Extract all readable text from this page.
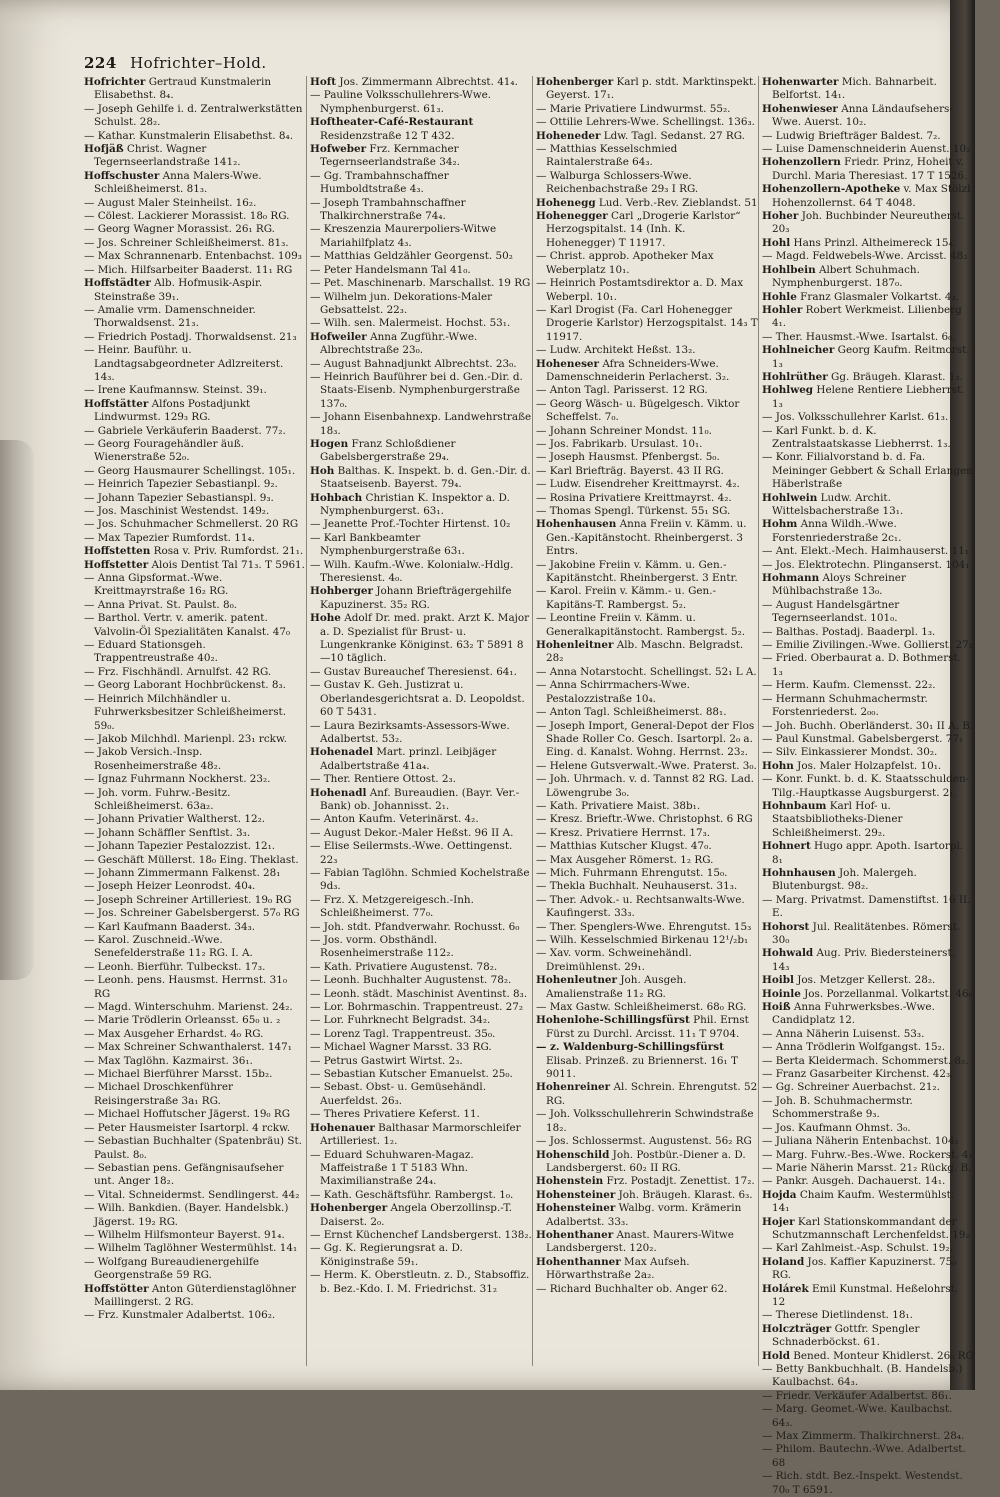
224 Hofrichter–Hold.

Hofrichter Gertraud Kunstmalerin Elisabethst. 8₄.

— Joseph Gehilfe i. d. Zentralwerkstätten Schulst. 28₂.

— Kathar. Kunstmalerin Elisabethst. 8₄.

Hofjäß Christ. Wagner Tegernseerlandstraße 141₂.

Hoffschuster Anna Malers-Wwe. Schleißheimerst. 81₃.

— August Maler Steinheilst. 16₂.

— Cölest. Lackierer Morassist. 18₀ RG.

— Georg Wagner Morassist. 26₁ RG.

— Jos. Schreiner Schleißheimerst. 81₃.

— Max Schrannenarb. Entenbachst. 109₃

— Mich. Hilfsarbeiter Baaderst. 11₁ RG

Hoffstädter Alb. Hofmusik-Aspir. Steinstraße 39₁.

— Amalie vrm. Damenschneider. Thorwaldsenst. 21₃.

— Friedrich Postadj. Thorwaldsenst. 21₃

— Heinr. Bauführ. u. Landtagsabgeordneter Adlzreiterst. 14₃.

— Irene Kaufmannsw. Steinst. 39₁.

Hoffstätter Alfons Postadjunkt Lindwurmst. 129₃ RG.

— Gabriele Verkäuferin Baaderst. 77₂.

— Georg Fouragehändler äuß. Wienerstraße 52₀.

— Georg Hausmaurer Schellingst. 105₁.

— Heinrich Tapezier Sebastianpl. 9₂.

— Johann Tapezier Sebastianspl. 9₃.

— Jos. Maschinist Westendst. 149₂.

— Jos. Schuhmacher Schmellerst. 20 RG

— Max Tapezier Rumfordst. 11₄.

Hoffstetten Rosa v. Priv. Rumfordst. 21₁.

Hoffstetter Alois Dentist Tal 71₃. T 5961.

— Anna Gipsformat.-Wwe. Kreittmayrstraße 16₂ RG.

— Anna Privat. St. Paulst. 8₀.

— Barthol. Vertr. v. amerik. patent. Valvolin-Öl Spezialitäten Kanalst. 47₀

— Eduard Stationsgeh. Trappentreustraße 40₂.

— Frz. Fischhändl. Arnulfst. 42 RG.

— Georg Laborant Hochbrückenst. 8₃.

— Heinrich Milchhändler u. Fuhrwerksbesitzer Schleißheimerst. 59₀.

— Jakob Milchhdl. Marienpl. 23₁ rckw.

— Jakob Versich.-Insp. Rosenheimerstraße 48₂.

— Ignaz Fuhrmann Nockherst. 23₂.

— Joh. vorm. Fuhrw.-Besitz. Schleißheimerst. 63a₂.

— Johann Privatier Waltherst. 12₂.

— Johann Schäffler Senftlst. 3₃.

— Johann Tapezier Pestalozzist. 12₁.

— Geschäft Müllerst. 18₀ Eing. Theklast.

— Johann Zimmermann Falkenst. 28₁

— Joseph Heizer Leonrodst. 40₄.

— Joseph Schreiner Artilleriest. 19₀ RG

— Jos. Schreiner Gabelsbergerst. 57₀ RG

— Karl Kaufmann Baaderst. 34₃.

— Karol. Zuschneid.-Wwe. Senefelderstraße 11₂ RG. I. A.

— Leonh. Bierführ. Tulbeckst. 17₃.

— Leonh. pens. Hausmst. Herrnst. 31₀ RG

— Magd. Winterschuhm. Marienst. 24₂.

— Marie Trödlerin Orleansst. 65₀ u. ₂

— Max Ausgeher Erhardst. 4₀ RG.

— Max Schreiner Schwanthalerst. 147₁

— Max Taglöhn. Kazmairst. 36₁.

— Michael Bierführer Marsst. 15b₂.

— Michael Droschkenführer Reisingerstraße 3a₁ RG.

— Michael Hoffutscher Jägerst. 19₀ RG

— Peter Hausmeister Isartorpl. 4 rckw.

— Sebastian Buchhalter (Spatenbräu) St. Paulst. 8₀.

— Sebastian pens. Gefängnisaufseher unt. Anger 18₂.

— Vital. Schneidermst. Sendlingerst. 44₂

— Wilh. Bankdien. (Bayer. Handelsbk.) Jägerst. 19₂ RG.

— Wilhelm Hilfsmonteur Bayerst. 91₄.

— Wilhelm Taglöhner Westermühlst. 14₁

— Wolfgang Bureaudienergehilfe Georgenstraße 59 RG.

Hoffstötter Anton Güterdienstaglöhner Maillingerst. 2 RG.

— Frz. Kunstmaler Adalbertst. 106₂.

Hoft Jos. Zimmermann Albrechtst. 41₄.

— Pauline Volksschullehrers-Wwe. Nymphenburgerst. 61₃.

Hoftheater-Café-Restaurant Residenzstraße 12 T 432.

Hofweber Frz. Kernmacher Tegernseerlandstraße 34₂.

— Gg. Trambahnschaffner Humboldtstraße 4₃.

— Joseph Trambahnschaffner Thalkirchnerstraße 74₄.

— Kreszenzia Maurerpoliers-Witwe Mariahilfplatz 4₃.

— Matthias Geldzähler Georgenst. 50₂

— Peter Handelsmann Tal 41₀.

— Pet. Maschinenarb. Marschallst. 19 RG

— Wilhelm jun. Dekorations-Maler Gebsattelst. 22₃.

— Wilh. sen. Malermeist. Hochst. 53₁.

Hofweiler Anna Zugführ.-Wwe. Albrechtstraße 23₀.

— August Bahnadjunkt Albrechtst. 23₀.

— Heinrich Bauführer bei d. Gen.-Dir. d. Staats-Eisenb. Nymphenburgerstraße 137₀.

— Johann Eisenbahnexp. Landwehrstraße 18₃.

Hogen Franz Schloßdiener Gabelsbergerstraße 29₄.

Hoh Balthas. K. Inspekt. b. d. Gen.-Dir. d. Staatseisenb. Bayerst. 79₄.

Hohbach Christian K. Inspektor a. D. Nymphenburgerst. 63₁.

— Jeanette Prof.-Tochter Hirtenst. 10₂

— Karl Bankbeamter Nymphenburgerstraße 63₁.

— Wilh. Kaufm.-Wwe. Kolonialw.-Hdlg. Theresienst. 4₀.

Hohberger Johann Briefträgergehilfe Kapuzinerst. 35₂ RG.

Hohe Adolf Dr. med. prakt. Arzt K. Major a. D. Spezialist für Brust- u. Lungenkranke Königinst. 63₂ T 5891 8—10 täglich.

— Gustav Bureauchef Theresienst. 64₁.

— Gustav K. Geh. Justizrat u. Oberlandesgerichtsrat a. D. Leopoldst. 60 T 5431.

— Laura Bezirksamts-Assessors-Wwe. Adalbertst. 53₂.

Hohenadel Mart. prinzl. Leibjäger Adalbertstraße 41a₄.

— Ther. Rentiere Ottost. 2₃.

Hohenadl Anf. Bureaudien. (Bayr. Ver.-Bank) ob. Johannisst. 2₁.

— Anton Kaufm. Veterinärst. 4₂.

— August Dekor.-Maler Heßst. 96 II A.

— Elise Seilermsts.-Wwe. Oettingenst. 22₃

— Fabian Taglöhn. Schmied Kochelstraße 9d₃.

— Frz. X. Metzgereigesch.-Inh. Schleißheimerst. 77₀.

— Joh. stdt. Pfandverwahr. Rochusst. 6₀

— Jos. vorm. Obsthändl. Rosenheimerstraße 112₂.

— Kath. Privatiere Augustenst. 78₂.

— Leonh. Buchhalter Augustenst. 78₂.

— Leonh. städt. Maschinist Aventinst. 8₃.

— Lor. Bohrmaschin. Trappentreust. 27₂

— Lor. Fuhrknecht Belgradst. 34₂.

— Lorenz Tagl. Trappentreust. 35₀.

— Michael Wagner Marsst. 33 RG.

— Petrus Gastwirt Wirtst. 2₃.

— Sebastian Kutscher Emanuelst. 25₀.

— Sebast. Obst- u. Gemüsehändl. Auerfeldst. 26₃.

— Theres Privatiere Keferst. 11.

Hohenauer Balthasar Marmorschleifer Artilleriest. 1₂.

— Eduard Schuhwaren-Magaz. Maffeistraße 1 T 5183 Whn. Maximilianstraße 24₄.

— Kath. Geschäftsführ. Rambergst. 1₀.

Hohenberger Angela Oberzollinsp.-T. Daiserst. 2₀.

— Ernst Küchenchef Landsbergerst. 138₂.

— Gg. K. Regierungsrat a. D. Königinstraße 59₁.

— Herm. K. Oberstleutn. z. D., Stabsoffiz. b. Bez.-Kdo. I. M. Friedrichst. 31₂

Hohenberger Karl p. stdt. Marktinspekt. Geyerst. 17₁.

— Marie Privatiere Lindwurmst. 55₂.

— Ottilie Lehrers-Wwe. Schellingst. 136₃.

Hoheneder Ldw. Tagl. Sedanst. 27 RG.

— Matthias Kesselschmied Raintalerstraße 64₃.

— Walburga Schlossers-Wwe. Reichenbachstraße 29₃ I RG.

Hohenegg Lud. Verb.-Rev. Zieblandst. 51

Hohenegger Carl „Drogerie Karlstor“ Herzogspitalst. 14 (Inh. K. Hohenegger) T 11917.

— Christ. approb. Apotheker Max Weberplatz 10₁.

— Heinrich Postamtsdirektor a. D. Max Weberpl. 10₁.

— Karl Drogist (Fa. Carl Hohenegger Drogerie Karlstor) Herzogspitalst. 14₃ T 11917.

— Ludw. Architekt Heßst. 13₂.

Hoheneser Afra Schneiders-Wwe. Damenschneiderin Perlacherst. 3₂.

— Anton Tagl. Parisserst. 12 RG.

— Georg Wäsch- u. Bügelgesch. Viktor Scheffelst. 7₀.

— Johann Schreiner Mondst. 11₀.

— Jos. Fabrikarb. Ursulast. 10₁.

— Joseph Hausmst. Pfenbergst. 5₀.

— Karl Briefträg. Bayerst. 43 II RG.

— Ludw. Eisendreher Kreittmayrst. 4₂.

— Rosina Privatiere Kreittmayrst. 4₂.

— Thomas Spengl. Türkenst. 55₁ SG.

Hohenhausen Anna Freiin v. Kämm. u. Gen.-Kapitänstocht. Rheinbergerst. 3 Entrs.

— Jakobine Freiin v. Kämm. u. Gen.-Kapitänstcht. Rheinbergerst. 3 Entr.

— Karol. Freiin v. Kämm.- u. Gen.-Kapitäns-T. Rambergst. 5₂.

— Leontine Freiin v. Kämm. u. Generalkapitänstocht. Rambergst. 5₂.

Hohenleitner Alb. Maschn. Belgradst. 28₂

— Anna Notarstocht. Schellingst. 52₁ L A.

— Anna Schirrmachers-Wwe. Pestalozzistraße 10₄.

— Anton Tagl. Schleißheimerst. 88₁.

— Joseph Import, General-Depot der Flos Shade Roller Co. Gesch. Isartorpl. 2₀ a. Eing. d. Kanalst. Wohng. Herrnst. 23₂.

— Helene Gutsverwalt.-Wwe. Praterst. 3₀.

— Joh. Uhrmach. v. d. Tannst 82 RG. Lad. Löwengrube 3₀.

— Kath. Privatiere Maist. 38b₁.

— Kresz. Brieftr.-Wwe. Christophst. 6 RG

— Kresz. Privatiere Herrnst. 17₃.

— Matthias Kutscher Klugst. 47₀.

— Max Ausgeher Römerst. 1₂ RG.

— Mich. Fuhrmann Ehrengutst. 15₀.

— Thekla Buchhalt. Neuhauserst. 31₃.

— Ther. Advok.- u. Rechtsanwalts-Wwe. Kaufingerst. 33₃.

— Ther. Spenglers-Wwe. Ehrengutst. 15₃

— Wilh. Kesselschmied Birkenau 12¹/₂b₁

— Xav. vorm. Schweinehändl. Dreimühlenst. 29₁.

Hohenleutner Joh. Ausgeh. Amalienstraße 11₂ RG.

— Max Gastw. Schleißheimerst. 68₀ RG.

Hohenlohe-Schillingsfürst Phil. Ernst Fürst zu Durchl. Arcisst. 11₁ T 9704.

— z. Waldenburg-Schillingsfürst Elisab. Prinzeß. zu Briennerst. 16₁ T 9011.

Hohenreiner Al. Schrein. Ehrengutst. 52 RG.

— Joh. Volksschullehrerin Schwindstraße 18₂.

— Jos. Schlossermst. Augustenst. 56₂ RG

Hohenschild Joh. Postbür.-Diener a. D. Landsbergerst. 60₂ II RG.

Hohenstein Frz. Postadjt. Zenettist. 17₂.

Hohensteiner Joh. Bräugeh. Klarast. 6₃.

Hohensteiner Walbg. vorm. Krämerin Adalbertst. 33₃.

Hohenthaner Anast. Maurers-Witwe Landsbergerst. 120₂.

Hohenthanner Max Aufseh. Hörwarthstraße 2a₂.

— Richard Buchhalter ob. Anger 62.

Hohenwarter Mich. Bahnarbeit. Belfortst. 14₁.

Hohenwieser Anna Ländaufsehers-Wwe. Auerst. 10₂.

— Ludwig Briefträger Baldest. 7₂.

— Luise Damenschneiderin Auenst. 10₂

Hohenzollern Friedr. Prinz, Hoheit v. Durchl. Maria Theresiast. 17 T 1526.

Hohenzollern-Apotheke v. Max Stölzl Hohenzollernst. 64 T 4048.

Hoher Joh. Buchbinder Neureutherst. 20₃

Hohl Hans Prinzl. Altheimereck 15₄.

— Magd. Feldwebels-Wwe. Arcisst. 48₂

Hohlbein Albert Schuhmach. Nymphenburgerst. 187₀.

Hohle Franz Glasmaler Volkartst. 4₃.

Hohler Robert Werkmeist. Lilienberg 4₁.

— Ther. Hausmst.-Wwe. Isartalst. 6₀.

Hohlneicher Georg Kaufm. Reitmorst. 1₃

Hohlrüther Gg. Bräugeh. Klarast. 1₃.

Hohlweg Helene Rentiere Liebherrst. 1₃

— Jos. Volksschullehrer Karlst. 61₃.

— Karl Funkt. b. d. K. Zentralstaatskasse Liebherrst. 1₃.

— Konr. Filialvorstand b. d. Fa. Meininger Gebbert & Schall Erlangen Häberlstraße

Hohlwein Ludw. Archit. Wittelsbacherstraße 13₁.

Hohm Anna Wildh.-Wwe. Forstenriederstraße 2c₁.

— Ant. Elekt.-Mech. Haimhauserst. 11₁

— Jos. Elektrotechn. Plinganserst. 104₁

Hohmann Aloys Schreiner Mühlbachstraße 13₀.

— August Handelsgärtner Tegernseerlandst. 101₀.

— Balthas. Postadj. Baaderpl. 1₃.

— Emilie Zivilingen.-Wwe. Gollierst. 27₂

— Fried. Oberbaurat a. D. Bothmerst. 1₃

— Herm. Kaufm. Clemensst. 22₂.

— Hermann Schuhmachermstr. Forstenriederst. 2₀₀.

— Joh. Buchh. Oberländerst. 30₁ II A. B.

— Paul Kunstmal. Gabelsbergerst. 77₁

— Silv. Einkassierer Mondst. 30₂.

Hohn Jos. Maler Holzapfelst. 10₁.

— Konr. Funkt. b. d. K. Staatsschulden-Tilg.-Hauptkasse Augsburgerst. 2₁.

Hohnbaum Karl Hof- u. Staatsbibliotheks-Diener Schleißheimerst. 29₂.

Hohnert Hugo appr. Apoth. Isartorpl. 8₁

Hohnhausen Joh. Malergeh. Blutenburgst. 98₂.

— Marg. Privatmst. Damenstiftst. 16 II. E.

Hohorst Jul. Realitätenbes. Römerst. 30₀

Hohwald Aug. Priv. Biedersteinerst. 14₃

Hoibl Jos. Metzger Kellerst. 28₂.

Hoinle Jos. Porzellanmal. Volkartst. 46₀

Hoiß Anna Fuhrwerksbes.-Wwe. Candidplatz 12.

— Anna Näherin Luisenst. 53₃.

— Anna Trödlerin Wolfgangst. 15₂.

— Berta Kleidermach. Schommerst. 8₂.

— Franz Gasarbeiter Kirchenst. 42₃.

— Gg. Schreiner Auerbachst. 21₂.

— Joh. B. Schuhmachermstr. Schommerstraße 9₃.

— Jos. Kaufmann Ohmst. 3₀.

— Juliana Näherin Entenbachst. 104₁

— Marg. Fuhrw.-Bes.-Wwe. Rockerst. 4₃

— Marie Näherin Marsst. 21₂ Rückg. B.

— Pankr. Ausgeh. Dachauerst. 14₁.

Hojda Chaim Kaufm. Westermühlst. 14₁

Hojer Karl Stationskommandant der Schutzmannschaft Lerchenfeldst. 19₂.

— Karl Zahlmeist.-Asp. Schulst. 19₂.

Holand Jos. Kaffier Kapuzinerst. 75₀ RG.

Holárek Emil Kunstmal. Heßelohrst. 12

— Therese Dietlindenst. 18₁.

Holczträger Gottfr. Spengler Schnaderböckst. 61.

Hold Bened. Monteur Khidlerst. 26₀ RG

— Betty Bankbuchhalt. (B. Handelsb.) Kaulbachst. 64₃.

— Friedr. Verkäufer Adalbertst. 86₁.

— Marg. Geomet.-Wwe. Kaulbachst. 64₃.

— Max Zimmerm. Thalkirchnerst. 28₄.

— Philom. Bautechn.-Wwe. Adalbertst. 68

— Rich. stdt. Bez.-Inspekt. Westendst. 70₀ T 6591.
